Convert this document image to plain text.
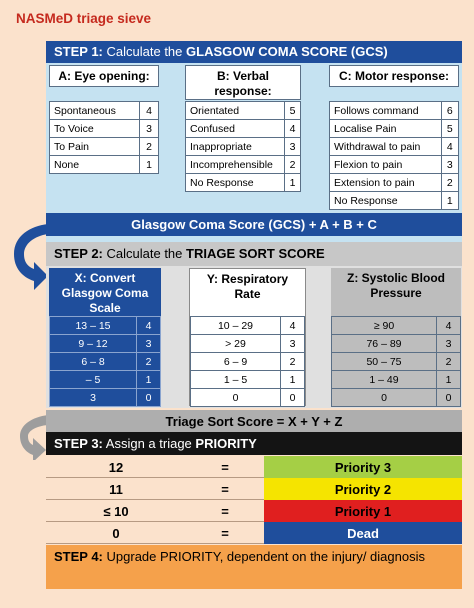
NASMeD triage sieve
STEP 1: Calculate the GLASGOW COMA SCORE (GCS)
A: Eye opening:
Spontaneous	4
To Voice	3
To Pain	2
None	1
B: Verbal response:
Orientated	5
Confused	4
Inappropriate	3
Incomprehensible	2
No Response	1
C: Motor response:
Follows command	6
Localise Pain	5
Withdrawal to pain	4
Flexion to pain	3
Extension to pain	2
No Response	1
Glasgow Coma Score (GCS) + A + B + C
STEP 2: Calculate the TRIAGE SORT SCORE
X: Convert Glasgow Coma Scale
13 – 15	4
9 – 12	3
6 – 8	2
– 5	1
3	0
Y: Respiratory Rate
10 – 29	4
> 29	3
6 – 9	2
1 – 5	1
0	0
Z: Systolic Blood Pressure
≥ 90	4
76 – 89	3
50 – 75	2
1 – 49	1
0	0
Triage Sort Score = X + Y + Z
STEP 3: Assign a triage PRIORITY
12	=	Priority 3
11	=	Priority 2
≤ 10	=	Priority 1
0	=	Dead
STEP 4: Upgrade PRIORITY, dependent on the injury/ diagnosis
